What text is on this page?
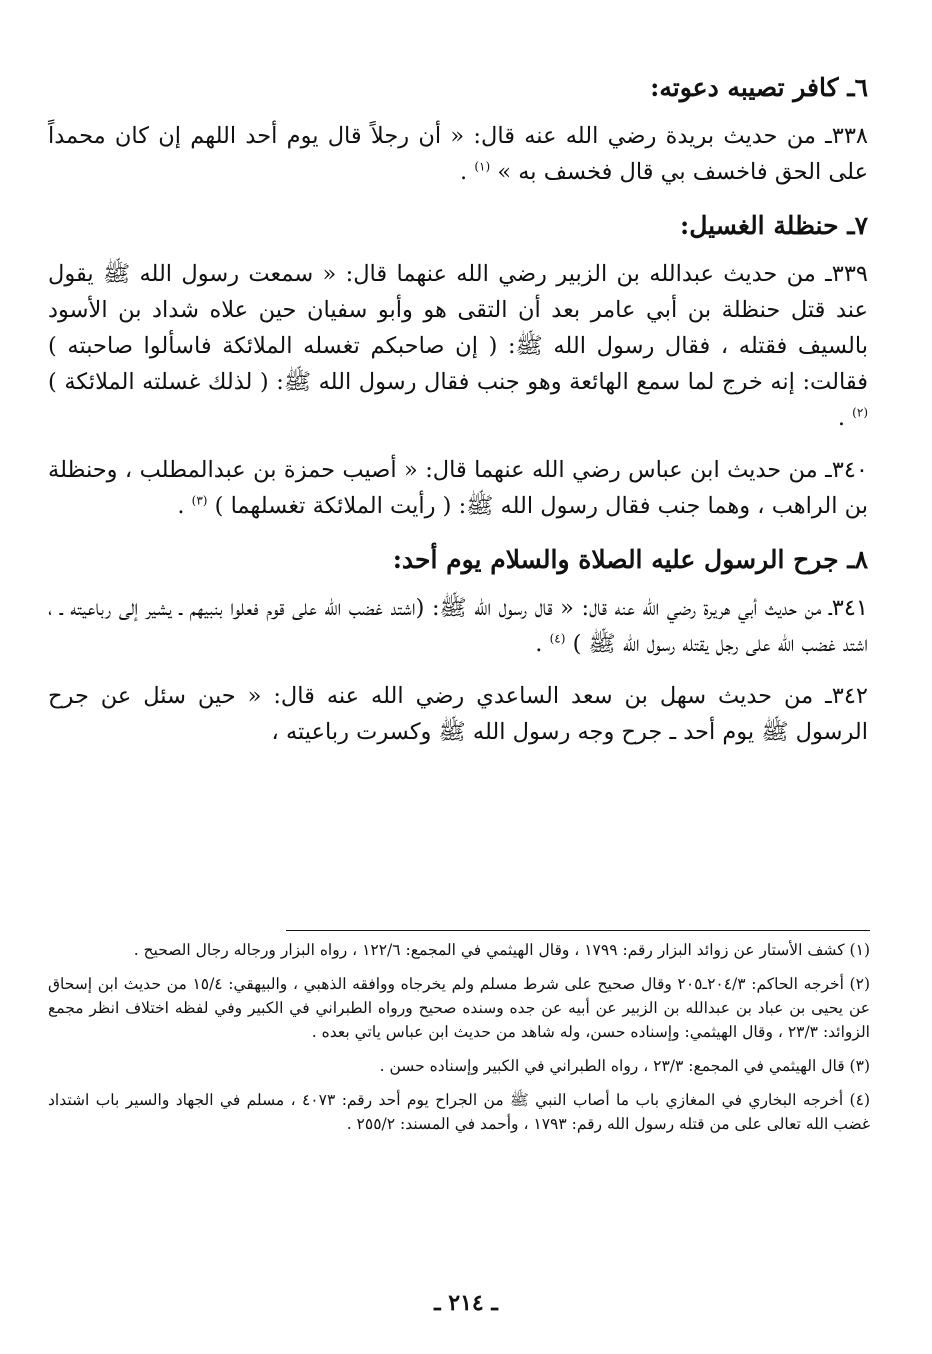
٦ـ كافر تصيبه دعوته:

٣٣٨ـ من حديث بريدة رضي الله عنه قال: « أن رجلاً قال يوم أحد اللهم إن كان محمداً على الحق فاخسف بي قال فخسف به » $^{(١)}$ .

٧ـ حنظلة الغسيل:

٣٣٩ـ من حديث عبدالله بن الزبير رضي الله عنهما قال: « سمعت رسول الله ﷺ يقول عند قتل حنظلة بن أبي عامر بعد أن التقى هو وأبو سفيان حين علاه شداد بن الأسود بالسيف فقتله ، فقال رسول الله ﷺ: ( إن صاحبكم تغسله الملائكة فاسألوا صاحبته ) فقالت: إنه خرج لما سمع الهائعة وهو جنب فقال رسول الله ﷺ: ( لذلك غسلته الملائكة ) $^{(٢)}$ .

٣٤٠ـ من حديث ابن عباس رضي الله عنهما قال: « أصيب حمزة بن عبدالمطلب ، وحنظلة بن الراهب ، وهما جنب فقال رسول الله ﷺ: ( رأيت الملائكة تغسلهما ) $^{(٣)}$ .

٨ـ جرح الرسول عليه الصلاة والسلام يوم أحد:

٣٤١ـ من حديث أبي هريرة رضي الله عنه قال: « قال رسول الله ﷺ: (اشتد غضب الله على قوم فعلوا بنبيهم ـ يشير إلى رباعيته ـ ، اشتد غضب الله على رجل يقتله رسول الله ﷺ ) $^{(٤)}$ .

٣٤٢ـ من حديث سهل بن سعد الساعدي رضي الله عنه قال: « حين سئل عن جرح الرسول ﷺ يوم أحد ـ جرح وجه رسول الله ﷺ وكسرت رباعيته ،

(١) كشف الأستار عن زوائد البزار رقم: ١٧٩٩ ، وقال الهيثمي في المجمع: ١٢٢/٦ ، رواه البزار ورجاله رجال الصحيح .

(٢) أخرجه الحاكم: ٢٠٤/٣ـ٢٠٥ وقال صحيح على شرط مسلم ولم يخرجاه ووافقه الذهبي ، والبيهقي: ١٥/٤ من حديث ابن إسحاق عن يحيى بن عباد بن عبدالله بن الزبير عن أبيه عن جده وسنده صحيح ورواه الطبراني في الكبير وفي لفظه اختلاف انظر مجمع الزوائد: ٢٣/٣ ، وقال الهيثمي: وإسناده حسن، وله شاهد من حديث ابن عباس ياتي بعده .

(٣) قال الهيثمي في المجمع: ٢٣/٣ ، رواه الطبراني في الكبير وإسناده حسن .

(٤) أخرجه البخاري في المغازي باب ما أصاب النبي ﷺ من الجراح يوم أحد رقم: ٤٠٧٣ ، مسلم في الجهاد والسير باب اشتداد غضب الله تعالى على من قتله رسول الله رقم: ١٧٩٣ ، وأحمد في المسند: ٢٥٥/٢ .

ـ ٢١٤ ـ
